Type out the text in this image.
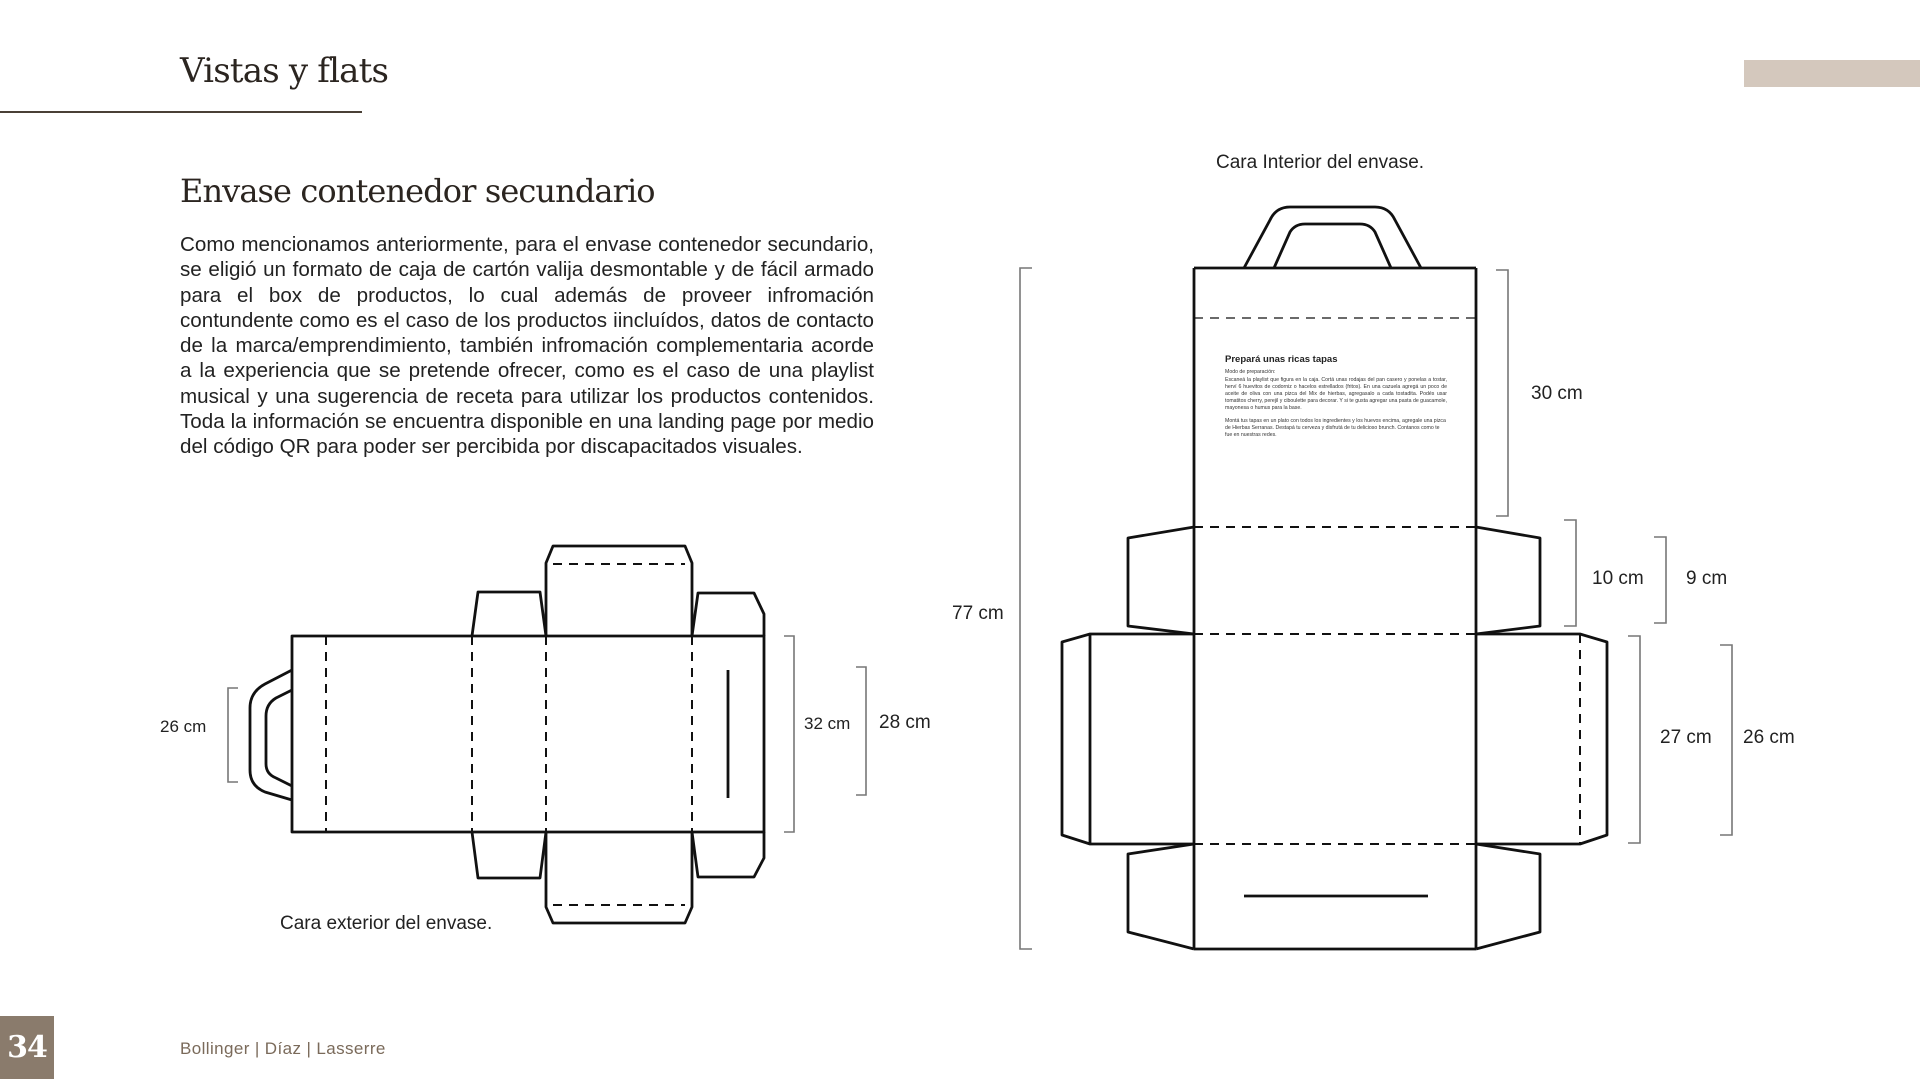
Vistas y flats
Envase contenedor secundario

Como mencionamos anteriormente, para el envase contenedor secundario, se eligió un formato de caja de cartón valija desmontable y de fácil armado para el box de productos, lo cual además de proveer infromación contundente como es el caso de los productos iincluídos, datos de contacto de la marca/emprendimiento, también infromación complementaria acorde a la experiencia que se pretende ofrecer, como es el caso de una playlist musical y una sugerencia de receta para utilizar los productos contenidos. Toda la información se encuentra disponible en una landing page por medio del código QR para poder ser percibida por discapacitados visuales.

26 cm	32 cm 28 cm
Cara exterior del envase.
Cara Interior del envase.
77 cm
30 cm
10 cm 9 cm
27 cm 26 cm
Prepará unas ricas tapas

Modo de preparación:

Escaneá la playlist que figura en la caja. Cortá unas rodajas del pan casero y ponelas a tostar, herví 6 huevitos de codorniz o hacelos estrellados (fritos). En una cazuela agregá un poco de aceite de oliva con una pizca del Mix de hierbas, agregasalo a cada tostadita. Podés usar tomatitos cherry, perejil y ciboulette para decorar. Y si te gusta agregar una pasta de guacamole, mayonesa o humus para la base.

Montá tus tapas en un plato con todos los ingredientes y los huevos encima, agregale una pizca de Hierbas Serranas. Destapá tu cerveza y disfrutá de tu delicioso brunch. Contanos como te fue en nuestras redes.

34	Bollinger | Díaz | Lasserre
